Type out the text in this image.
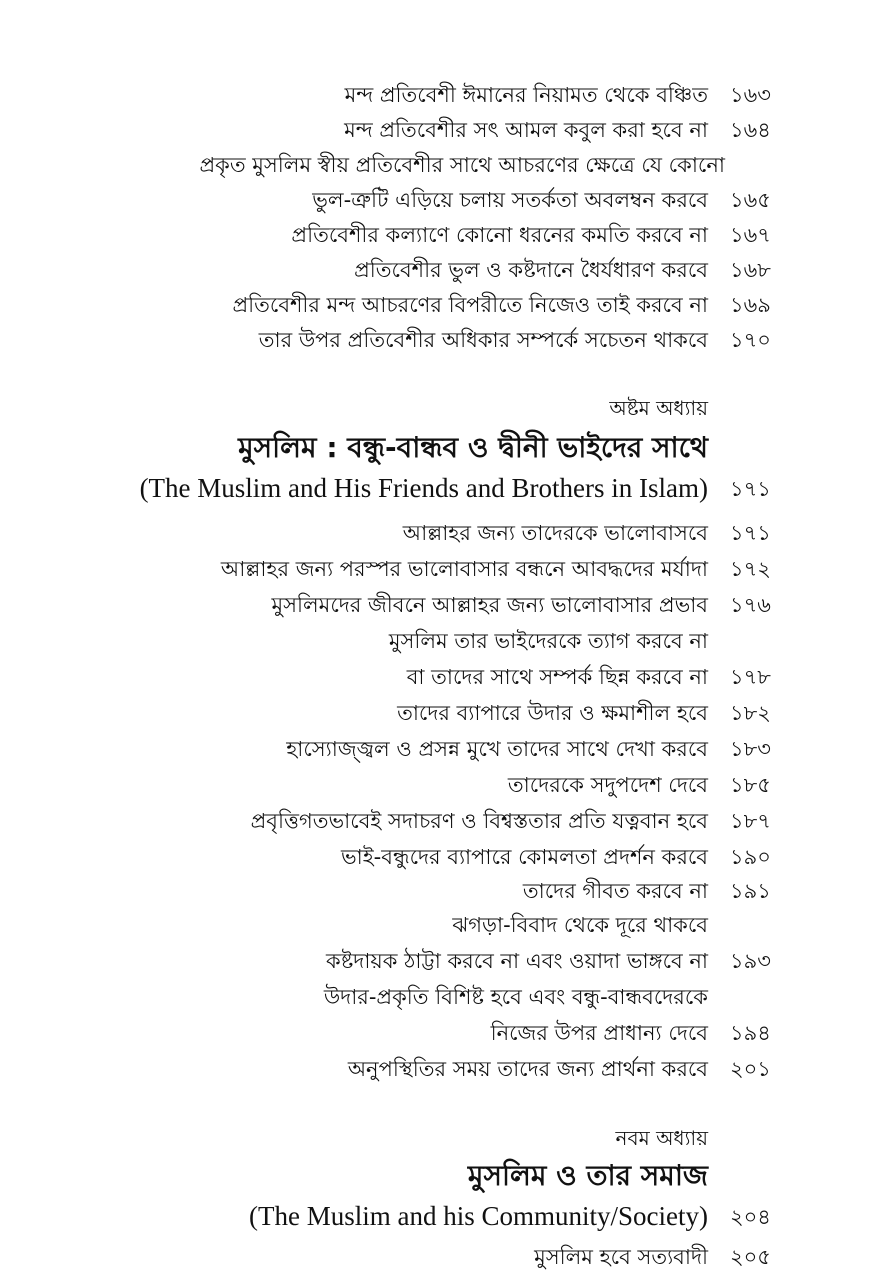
মন্দ প্রতিবেশী ঈমানের নিয়ামত থেকে বঞ্চিত ১৬৩
মন্দ প্রতিবেশীর সৎ আমল কবুল করা হবে না ১৬৪
প্রকৃত মুসলিম স্বীয় প্রতিবেশীর সাথে আচরণের ক্ষেত্রে যে কোনো
ভুল-ত্রুটি এড়িয়ে চলায় সতর্কতা অবলম্বন করবে ১৬৫
প্রতিবেশীর কল্যাণে কোনো ধরনের কমতি করবে না ১৬৭
প্রতিবেশীর ভুল ও কষ্টদানে ধৈর্যধারণ করবে ১৬৮
প্রতিবেশীর মন্দ আচরণের বিপরীতে নিজেও তাই করবে না ১৬৯
তার উপর প্রতিবেশীর অধিকার সম্পর্কে সচেতন থাকবে ১৭০
অষ্টম অধ্যায়
মুসলিম : বন্ধু-বান্ধব ও দ্বীনী ভাইদের সাথে
(The Muslim and His Friends and Brothers in Islam) ১৭১
আল্লাহর জন্য তাদেরকে ভালোবাসবে ১৭১
আল্লাহর জন্য পরস্পর ভালোবাসার বন্ধনে আবদ্ধদের মর্যাদা ১৭২
মুসলিমদের জীবনে আল্লাহর জন্য ভালোবাসার প্রভাব ১৭৬
মুসলিম তার ভাইদেরকে ত্যাগ করবে না
বা তাদের সাথে সম্পর্ক ছিন্ন করবে না ১৭৮
তাদের ব্যাপারে উদার ও ক্ষমাশীল হবে ১৮২
হাস্যোজ্জ্বল ও প্রসন্ন মুখে তাদের সাথে দেখা করবে ১৮৩
তাদেরকে সদুপদেশ দেবে ১৮৫
প্রবৃত্তিগতভাবেই সদাচরণ ও বিশ্বস্ততার প্রতি যত্নবান হবে ১৮৭
ভাই-বন্ধুদের ব্যাপারে কোমলতা প্রদর্শন করবে ১৯০
তাদের গীবত করবে না ১৯১
ঝগড়া-বিবাদ থেকে দূরে থাকবে
কষ্টদায়ক ঠাট্টা করবে না এবং ওয়াদা ভাঙ্গবে না ১৯৩
উদার-প্রকৃতি বিশিষ্ট হবে এবং বন্ধু-বান্ধবদেরকে
নিজের উপর প্রাধান্য দেবে ১৯৪
অনুপস্থিতির সময় তাদের জন্য প্রার্থনা করবে ২০১
নবম অধ্যায়
মুসলিম ও তার সমাজ
(The Muslim and his Community/Society) ২০৪
মুসলিম হবে সত্যবাদী ২০৫
